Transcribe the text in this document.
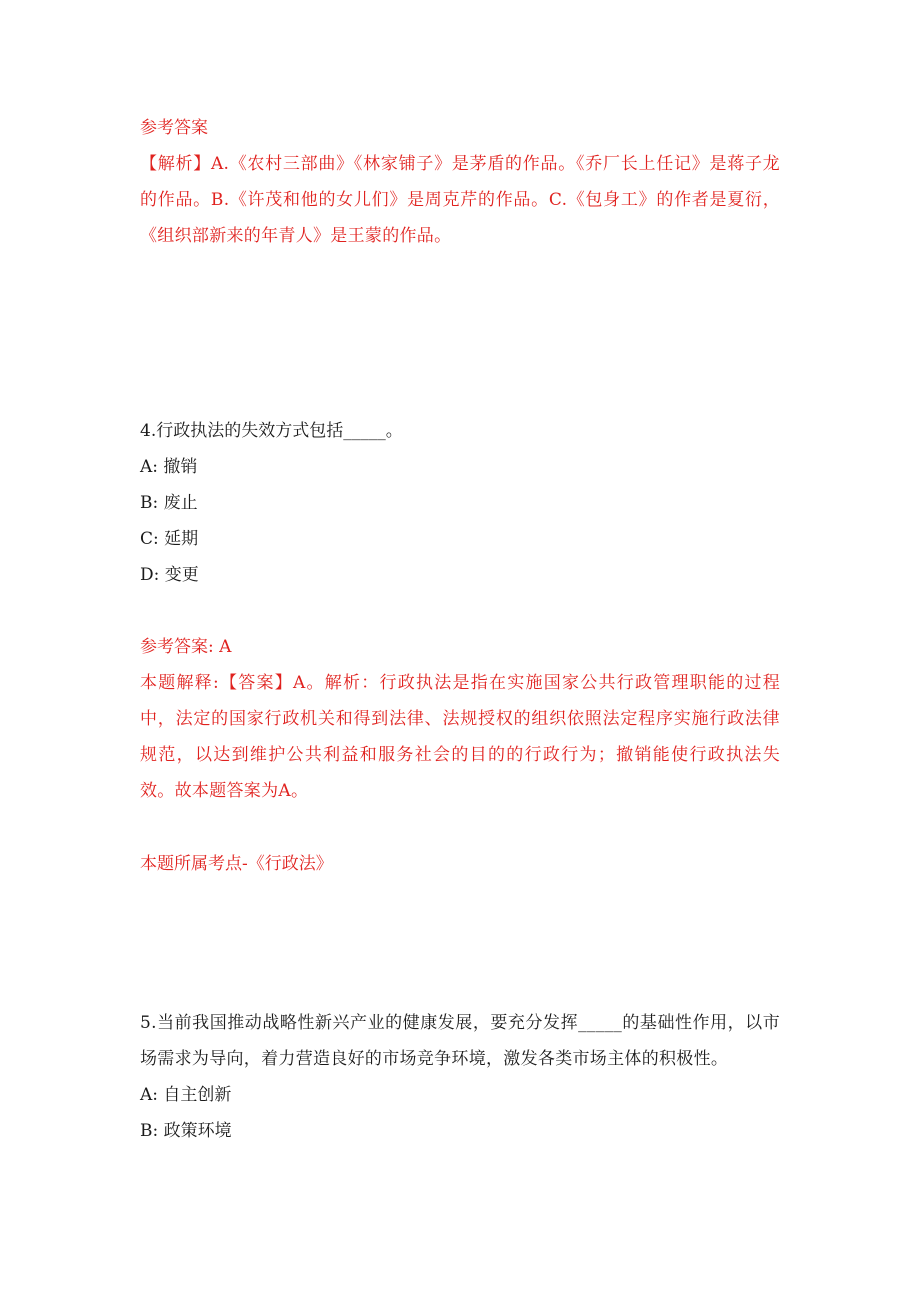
参考答案
【解析】A.《农村三部曲》《林家铺子》是茅盾的作品。《乔厂长上任记》是蒋子龙的作品。B.《许茂和他的女儿们》是周克芹的作品。C.《包身工》的作者是夏衍，《组织部新来的年青人》是王蒙的作品。
4.行政执法的失效方式包括_____。
A: 撤销
B: 废止
C: 延期
D: 变更
参考答案: A
本题解释:【答案】A。解析：行政执法是指在实施国家公共行政管理职能的过程中，法定的国家行政机关和得到法律、法规授权的组织依照法定程序实施行政法律规范，以达到维护公共利益和服务社会的目的的行政行为；撤销能使行政执法失效。故本题答案为A。
本题所属考点-《行政法》
5.当前我国推动战略性新兴产业的健康发展，要充分发挥_____的基础性作用，以市场需求为导向，着力营造良好的市场竞争环境，激发各类市场主体的积极性。
A: 自主创新
B: 政策环境
